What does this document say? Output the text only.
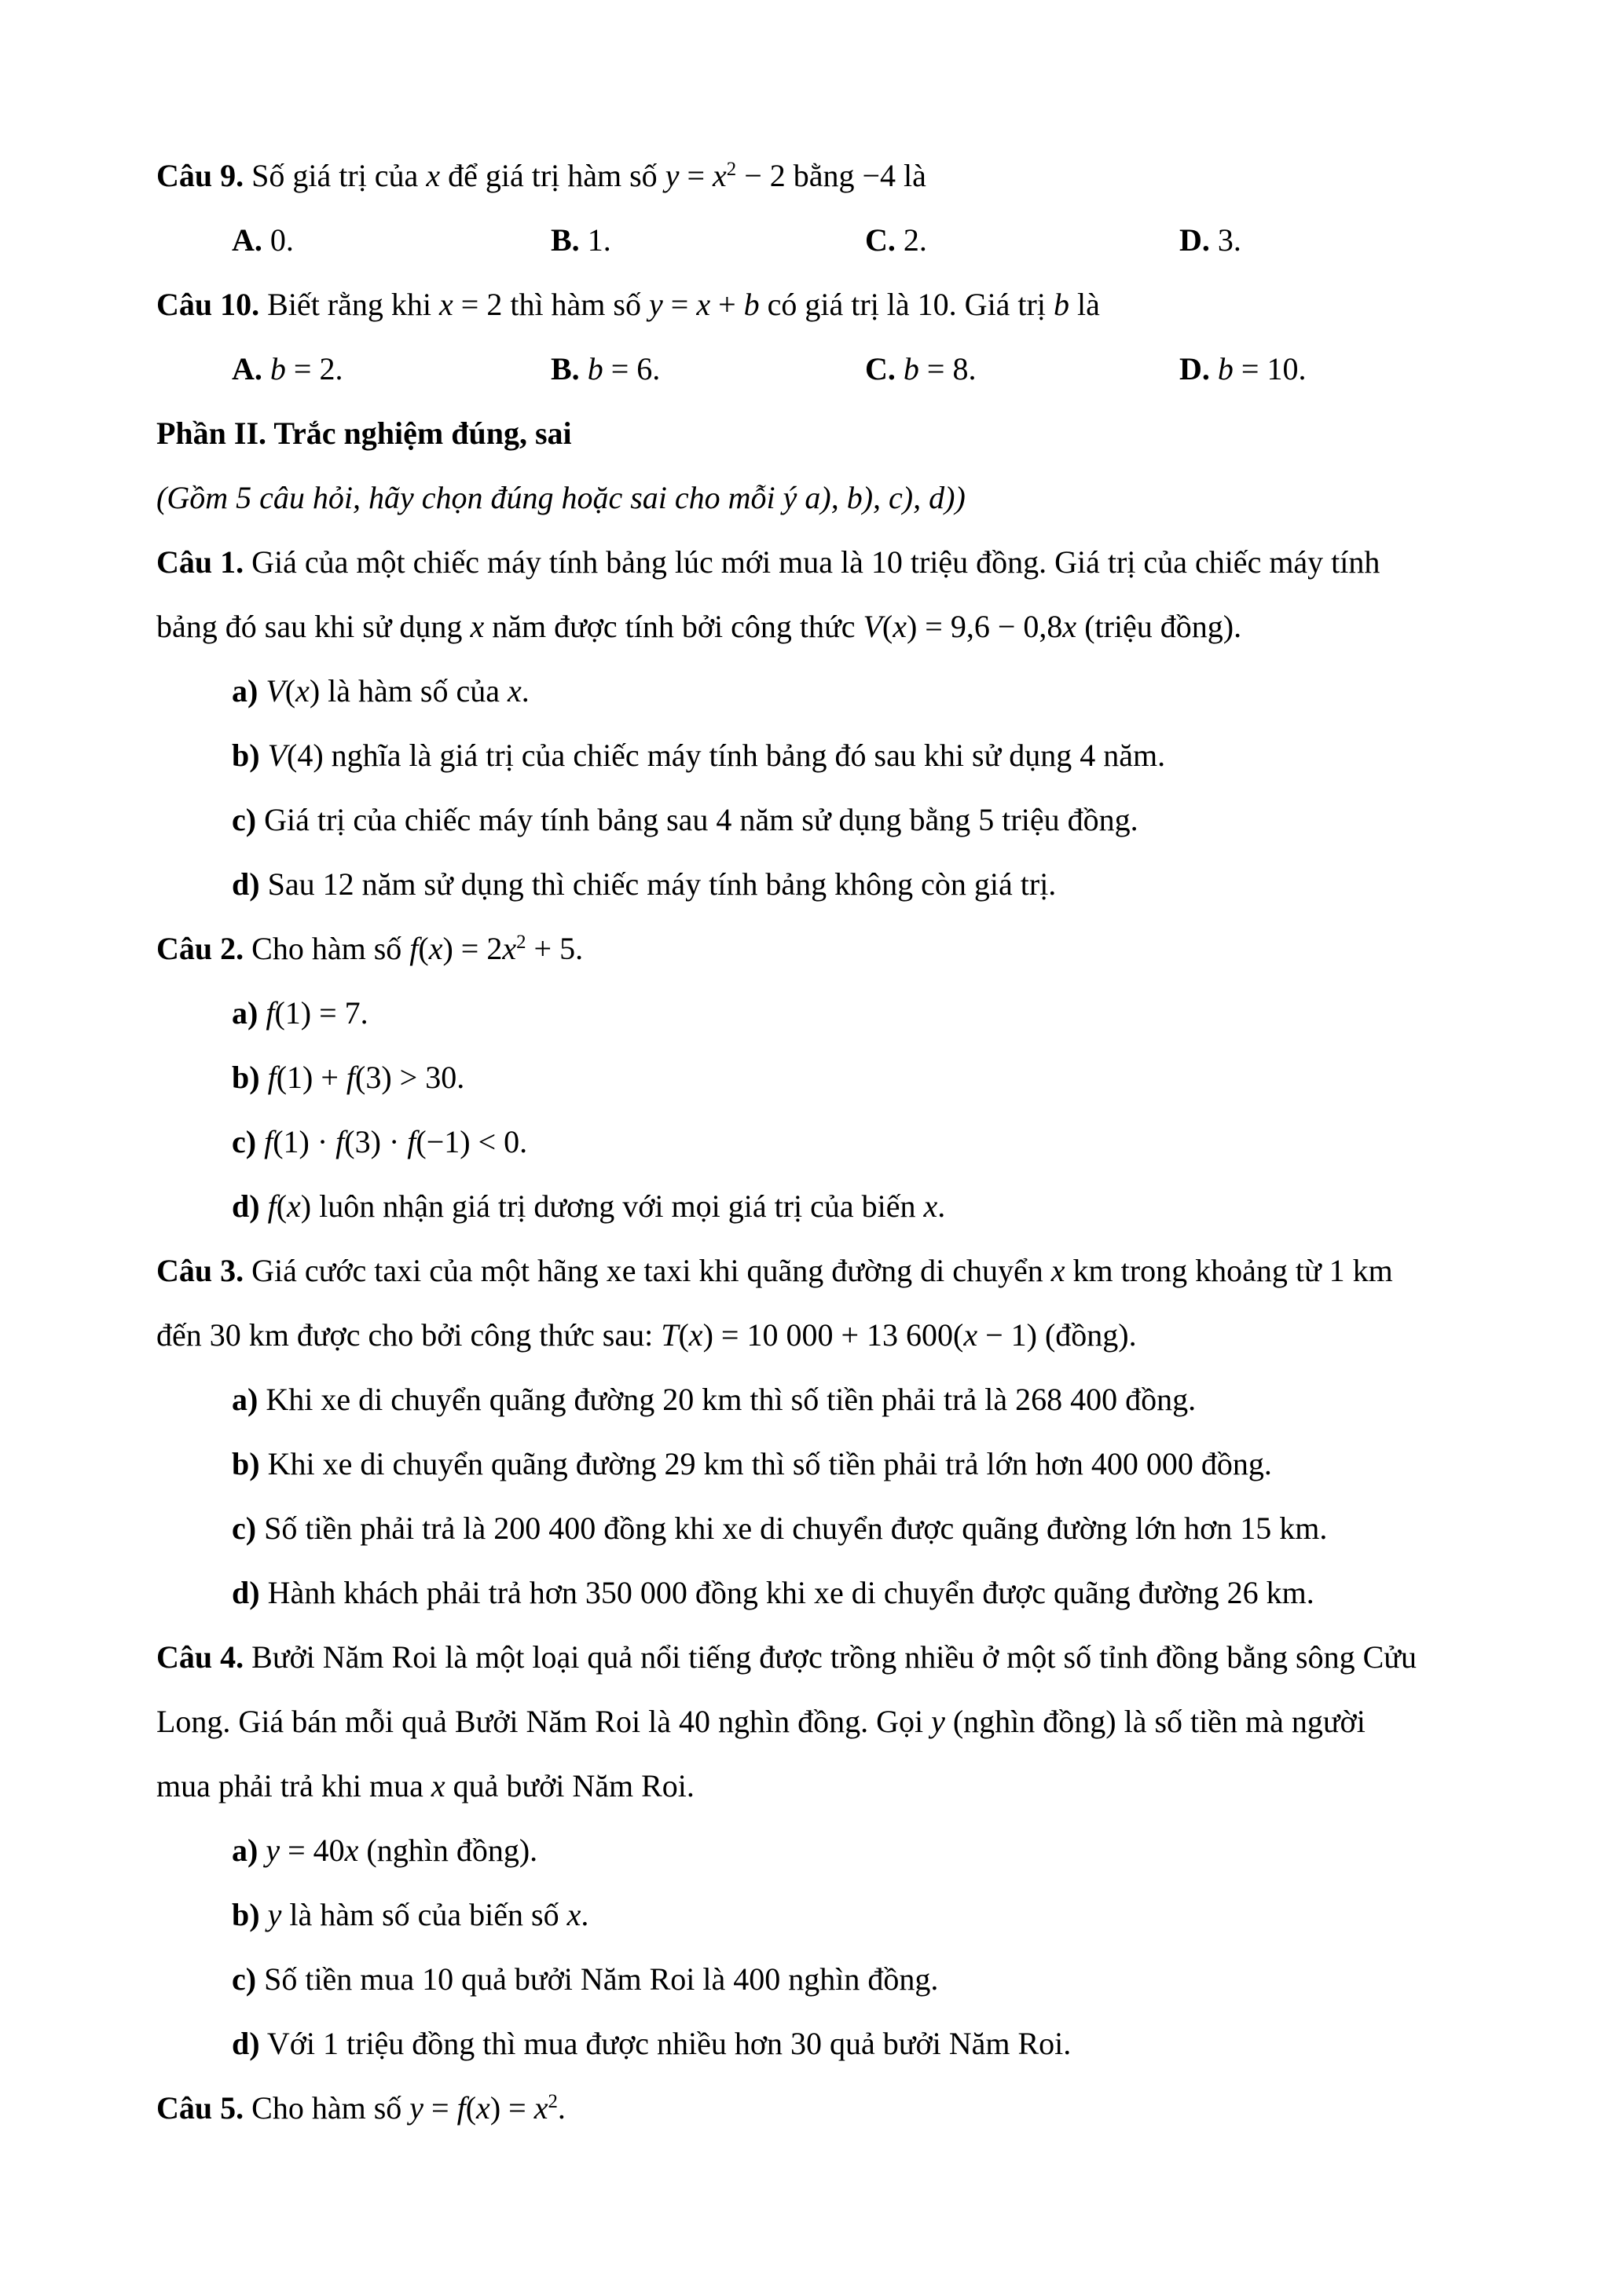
Câu 9. Số giá trị của x để giá trị hàm số $y = x^2 - 2$ bằng −4 là
A. 0.	B. 1.	C. 2.	D. 3.
Câu 10. Biết rằng khi x = 2 thì hàm số y = x + b có giá trị là 10. Giá trị b là
A. b = 2.	B. b = 6.	C. b = 8.	D. b = 10.
Phần II. Trắc nghiệm đúng, sai
(Gồm 5 câu hỏi, hãy chọn đúng hoặc sai cho mỗi ý a), b), c), d))
Câu 1. Giá của một chiếc máy tính bảng lúc mới mua là 10 triệu đồng. Giá trị của chiếc máy tính
bảng đó sau khi sử dụng x năm được tính bởi công thức V(x) = 9,6 − 0,8x (triệu đồng).
a) V(x) là hàm số của x.
b) V(4) nghĩa là giá trị của chiếc máy tính bảng đó sau khi sử dụng 4 năm.
c) Giá trị của chiếc máy tính bảng sau 4 năm sử dụng bằng 5 triệu đồng.
d) Sau 12 năm sử dụng thì chiếc máy tính bảng không còn giá trị.
Câu 2. Cho hàm số $f(x) = 2x^2 + 5$.
a) f(1) = 7.
b) f(1) + f(3) > 30.
c) f(1) · f(3) · f(−1) < 0.
d) f(x) luôn nhận giá trị dương với mọi giá trị của biến x.
Câu 3. Giá cước taxi của một hãng xe taxi khi quãng đường di chuyển x km trong khoảng từ 1 km
đến 30 km được cho bởi công thức sau: T(x) = 10 000 + 13 600(x − 1) (đồng).
a) Khi xe di chuyển quãng đường 20 km thì số tiền phải trả là 268 400 đồng.
b) Khi xe di chuyển quãng đường 29 km thì số tiền phải trả lớn hơn 400 000 đồng.
c) Số tiền phải trả là 200 400 đồng khi xe di chuyển được quãng đường lớn hơn 15 km.
d) Hành khách phải trả hơn 350 000 đồng khi xe di chuyển được quãng đường 26 km.
Câu 4. Bưởi Năm Roi là một loại quả nổi tiếng được trồng nhiều ở một số tỉnh đồng bằng sông Cửu
Long. Giá bán mỗi quả Bưởi Năm Roi là 40 nghìn đồng. Gọi y (nghìn đồng) là số tiền mà người
mua phải trả khi mua x quả bưởi Năm Roi.
a) y = 40x (nghìn đồng).
b) y là hàm số của biến số x.
c) Số tiền mua 10 quả bưởi Năm Roi là 400 nghìn đồng.
d) Với 1 triệu đồng thì mua được nhiều hơn 30 quả bưởi Năm Roi.
Câu 5. Cho hàm số $y = f(x) = x^2$.
